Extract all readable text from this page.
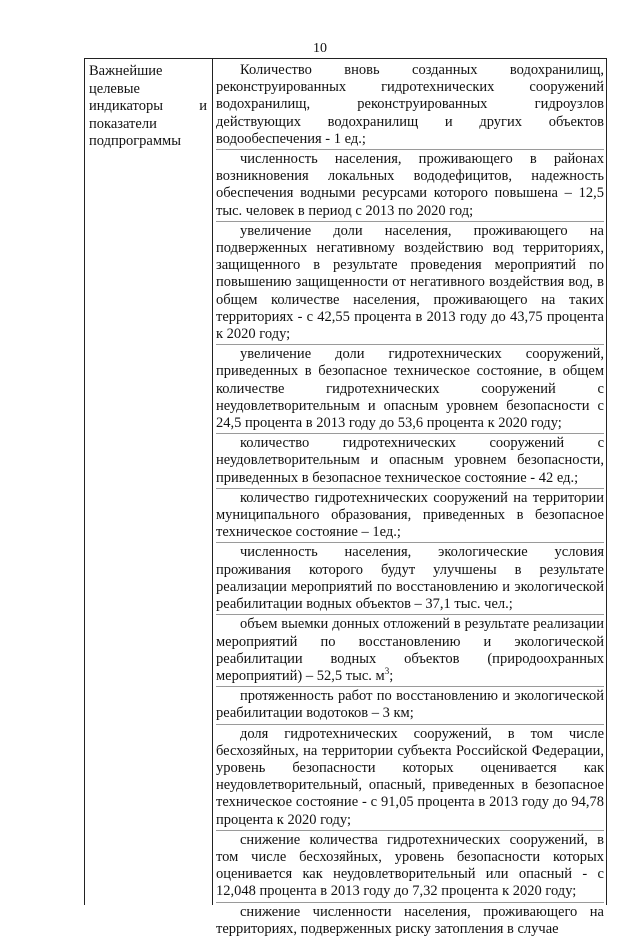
10
Важнейшие целевые индикаторы и показатели подпрограммы

Количество вновь созданных водохранилищ, реконструированных гидротехнических сооружений водохранилищ, реконструированных гидроузлов действующих водохранилищ и других объектов водообеспечения - 1 ед.;

численность населения, проживающего в районах возникновения локальных вододефицитов, надежность обеспечения водными ресурсами которого повышена – 12,5 тыс. человек в период с 2013 по 2020 год;

увеличение доли населения, проживающего на подверженных негативному воздействию вод территориях, защищенного в результате проведения мероприятий по повышению защищенности от негативного воздействия вод, в общем количестве населения, проживающего на таких территориях - с 42,55 процента в 2013 году до 43,75 процента к 2020 году;

увеличение доли гидротехнических сооружений, приведенных в безопасное техническое состояние, в общем количестве гидротехнических сооружений с неудовлетворительным и опасным уровнем безопасности с 24,5 процента в 2013 году до 53,6 процента к 2020 году;

количество гидротехнических сооружений с неудовлетворительным и опасным уровнем безопасности, приведенных в безопасное техническое состояние - 42 ед.;

количество гидротехнических сооружений на территории муниципального образования, приведенных в безопасное техническое состояние – 1ед.;

численность населения, экологические условия проживания которого будут улучшены в результате реализации мероприятий по восстановлению и экологической реабилитации водных объектов – 37,1 тыс. чел.;

объем выемки донных отложений в результате реализации мероприятий по восстановлению и экологической реабилитации водных объектов (природоохранных мероприятий) – 52,5 тыс. $м^3$;

протяженность работ по восстановлению и экологической реабилитации водотоков – 3 км;

доля гидротехнических сооружений, в том числе бесхозяйных, на территории субъекта Российской Федерации, уровень безопасности которых оценивается как неудовлетворительный, опасный, приведенных в безопасное техническое состояние - с 91,05 процента в 2013 году до 94,78 процента к 2020 году;

снижение количества гидротехнических сооружений, в том числе бесхозяйных, уровень безопасности которых оценивается как неудовлетворительный или опасный - с 12,048 процента в 2013 году до 7,32 процента к 2020 году;

снижение численности населения, проживающего на территориях, подверженных риску затопления в случае
